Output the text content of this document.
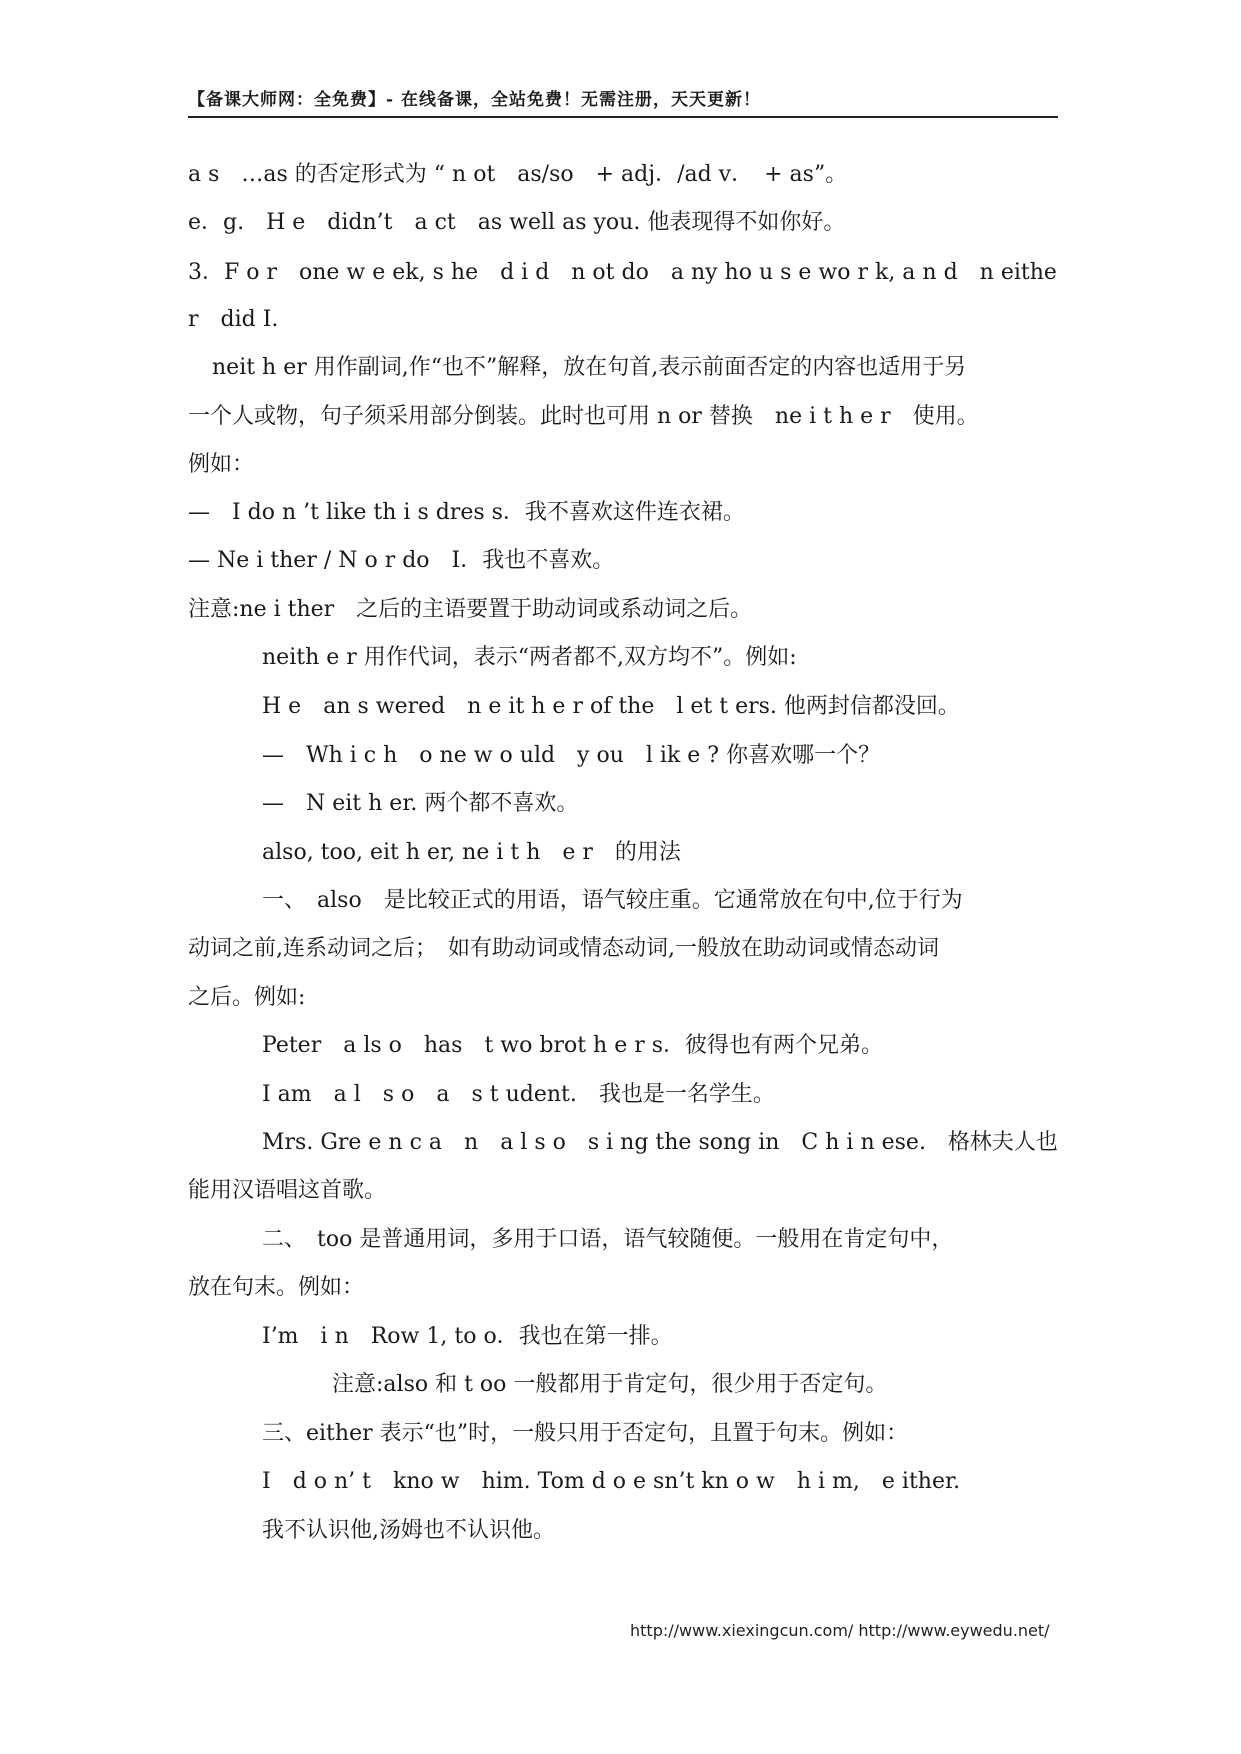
【备课大师网：全免费】- 在线备课，全站免费！无需注册，天天更新！
a s　…as 的否定形式为 “ n ot　as/so　+ adj．/ad v．　+ as”。
e．g.　H e　didn’t　a ct　as well as you. 他表现得不如你好。
3．F o r　one w e ek, s he　d i d　n ot do　a ny ho u s e wo r k, a n d　n eithe
r　did I.
neit h er 用作副词,作“也不”解释，放在句首,表示前面否定的内容也适用于另
一个人或物，句子须采用部分倒装。此时也可用 n or 替换　ne i t h e r　使用。
例如：
—　I do n ’t like th i s dres s．我不喜欢这件连衣裙。
— Ne i ther / N o r do　I．我也不喜欢。
注意:ne i ther　之后的主语要置于助动词或系动词之后。
neith e r 用作代词，表示“两者都不,双方均不”。例如:
H e　an s wered　n e it h e r of the　l et t ers. 他两封信都没回。
—　Wh i c h　o ne w o uld　y ou　l ik e ? 你喜欢哪一个？
—　N eit h er. 两个都不喜欢。
also, too, eit h er, ne i t h　e r　的用法
一、　also　是比较正式的用语，语气较庄重。它通常放在句中,位于行为
动词之前,连系动词之后；　如有助动词或情态动词,一般放在助动词或情态动词
之后。例如:
Peter　a ls o　has　t wo brot h e r s．彼得也有两个兄弟。
I am　a l　s o　a　s t udent.　我也是一名学生。
Mrs. Gre e n c a　n　a l s o　s i ng the song in　C h i n ese.　格林夫人也
能用汉语唱这首歌。
二、　too 是普通用词，多用于口语，语气较随便。一般用在肯定句中，
放在句末。例如：
I’m　i n　Row 1, to o．我也在第一排。
注意:also 和 t oo 一般都用于肯定句，很少用于否定句。
三、either 表示“也”时，一般只用于否定句，且置于句末。例如：
I　d o n’ t　kno w　him. Tom d o e sn’t kn o w　h i m,　e ither.
我不认识他,汤姆也不认识他。
http://www.xiexingcun.com/ http://www.eywedu.net/
